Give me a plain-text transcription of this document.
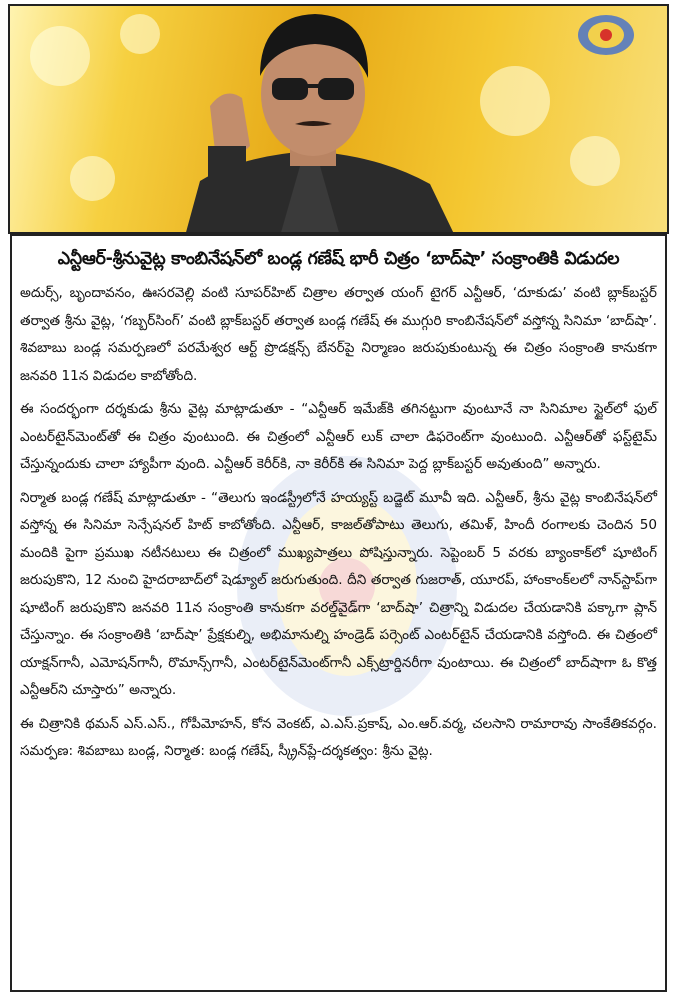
ఎన్టీఆర్-శ్రీనువైట్ల కాంబినేషన్‌లో బండ్ల గణేష్ భారీ చిత్రం ‘బాద్‌షా’ సంక్రాంతికి విడుదల

అదుర్స్, బృందావనం, ఊసరవెల్లి వంటి సూపర్‌హిట్ చిత్రాల తర్వాత యంగ్ టైగర్ ఎన్టీఆర్, ‘దూకుడు’ వంటి బ్లాక్‌బస్టర్ తర్వాత శ్రీను వైట్ల, ‘గబ్బర్‌సింగ్’ వంటి బ్లాక్‌బస్టర్ తర్వాత బండ్ల గణేష్ ఈ ముగ్గురి కాంబినేషన్‌లో వస్తోన్న సినిమా ‘బాద్‌షా’. శివబాబు బండ్ల సమర్పణలో పరమేశ్వర ఆర్ట్ ప్రొడక్షన్స్ బేనర్‌పై నిర్మాణం జరుపుకుంటున్న ఈ చిత్రం సంక్రాంతి కానుకగా జనవరి 11న విడుదల కాబోతోంది.

ఈ సందర్భంగా దర్శకుడు శ్రీను వైట్ల మాట్లాడుతూ - “ఎన్టీఆర్ ఇమేజ్‌కి తగినట్టుగా వుంటూనే నా సినిమాల స్టైల్‌లో ఫుల్ ఎంటర్‌టైన్‌మెంట్‌తో ఈ చిత్రం వుంటుంది. ఈ చిత్రంలో ఎన్టీఆర్ లుక్ చాలా డిఫరెంట్‌గా వుంటుంది. ఎన్టీఆర్‌తో ఫస్ట్‌టైమ్ చేస్తున్నందుకు చాలా హ్యాపీగా వుంది. ఎన్టీఆర్ కెరీర్‌కి, నా కెరీర్‌కి ఈ సినిమా పెద్ద బ్లాక్‌బస్టర్ అవుతుంది” అన్నారు.

నిర్మాత బండ్ల గణేష్ మాట్లాడుతూ - “తెలుగు ఇండస్ట్రీలోనే హయ్యస్ట్ బడ్జెట్ మూవీ ఇది. ఎన్టీఆర్, శ్రీను వైట్ల కాంబినేషన్‌లో వస్తోన్న ఈ సినిమా సెన్సేషనల్ హిట్ కాబోతోంది. ఎన్టీఆర్, కాజల్‌తోపాటు తెలుగు, తమిళ్, హిందీ రంగాలకు చెందిన 50 మందికి పైగా ప్రముఖ నటీనటులు ఈ చిత్రంలో ముఖ్యపాత్రలు పోషిస్తున్నారు. సెప్టెంబర్ 5 వరకు బ్యాంకాక్‌లో షూటింగ్ జరుపుకొని, 12 నుంచి హైదరాబాద్‌లో షెడ్యూల్ జరుగుతుంది. దీని తర్వాత గుజరాత్, యూరప్, హాంకాంక్‌లలో నాన్‌స్టాప్‌గా షూటింగ్ జరుపుకొని జనవరి 11న సంక్రాంతి కానుకగా వరల్డ్‌వైడ్‌గా ‘బాద్‌షా’ చిత్రాన్ని విడుదల చేయడానికి పక్కాగా ప్లాన్ చేస్తున్నాం. ఈ సంక్రాంతికి ‘బాద్‌షా’ ప్రేక్షకుల్ని, అభిమానుల్ని హండ్రెడ్ పర్సెంట్ ఎంటర్‌టైన్ చేయడానికి వస్తోంది. ఈ చిత్రంలో యాక్షన్‌గానీ, ఎమోషన్‌గానీ, రొమాన్స్‌గానీ, ఎంటర్‌టైన్‌మెంట్‌గానీ ఎక్స్‌ట్రార్డినరీగా వుంటాయి. ఈ చిత్రంలో బాద్‌షాగా ఓ కొత్త ఎన్టీఆర్‌ని చూస్తారు” అన్నారు.

ఈ చిత్రానికి థమన్ ఎస్.ఎస్., గోపీమోహన్, కోన వెంకట్, ఎ.ఎస్.ప్రకాష్, ఎం.ఆర్.వర్మ, చలసాని రామారావు సాంకేతికవర్గం. సమర్పణ: శివబాబు బండ్ల, నిర్మాత: బండ్ల గణేష్, స్క్రీన్‌ప్లే-దర్శకత్వం: శ్రీను వైట్ల.
